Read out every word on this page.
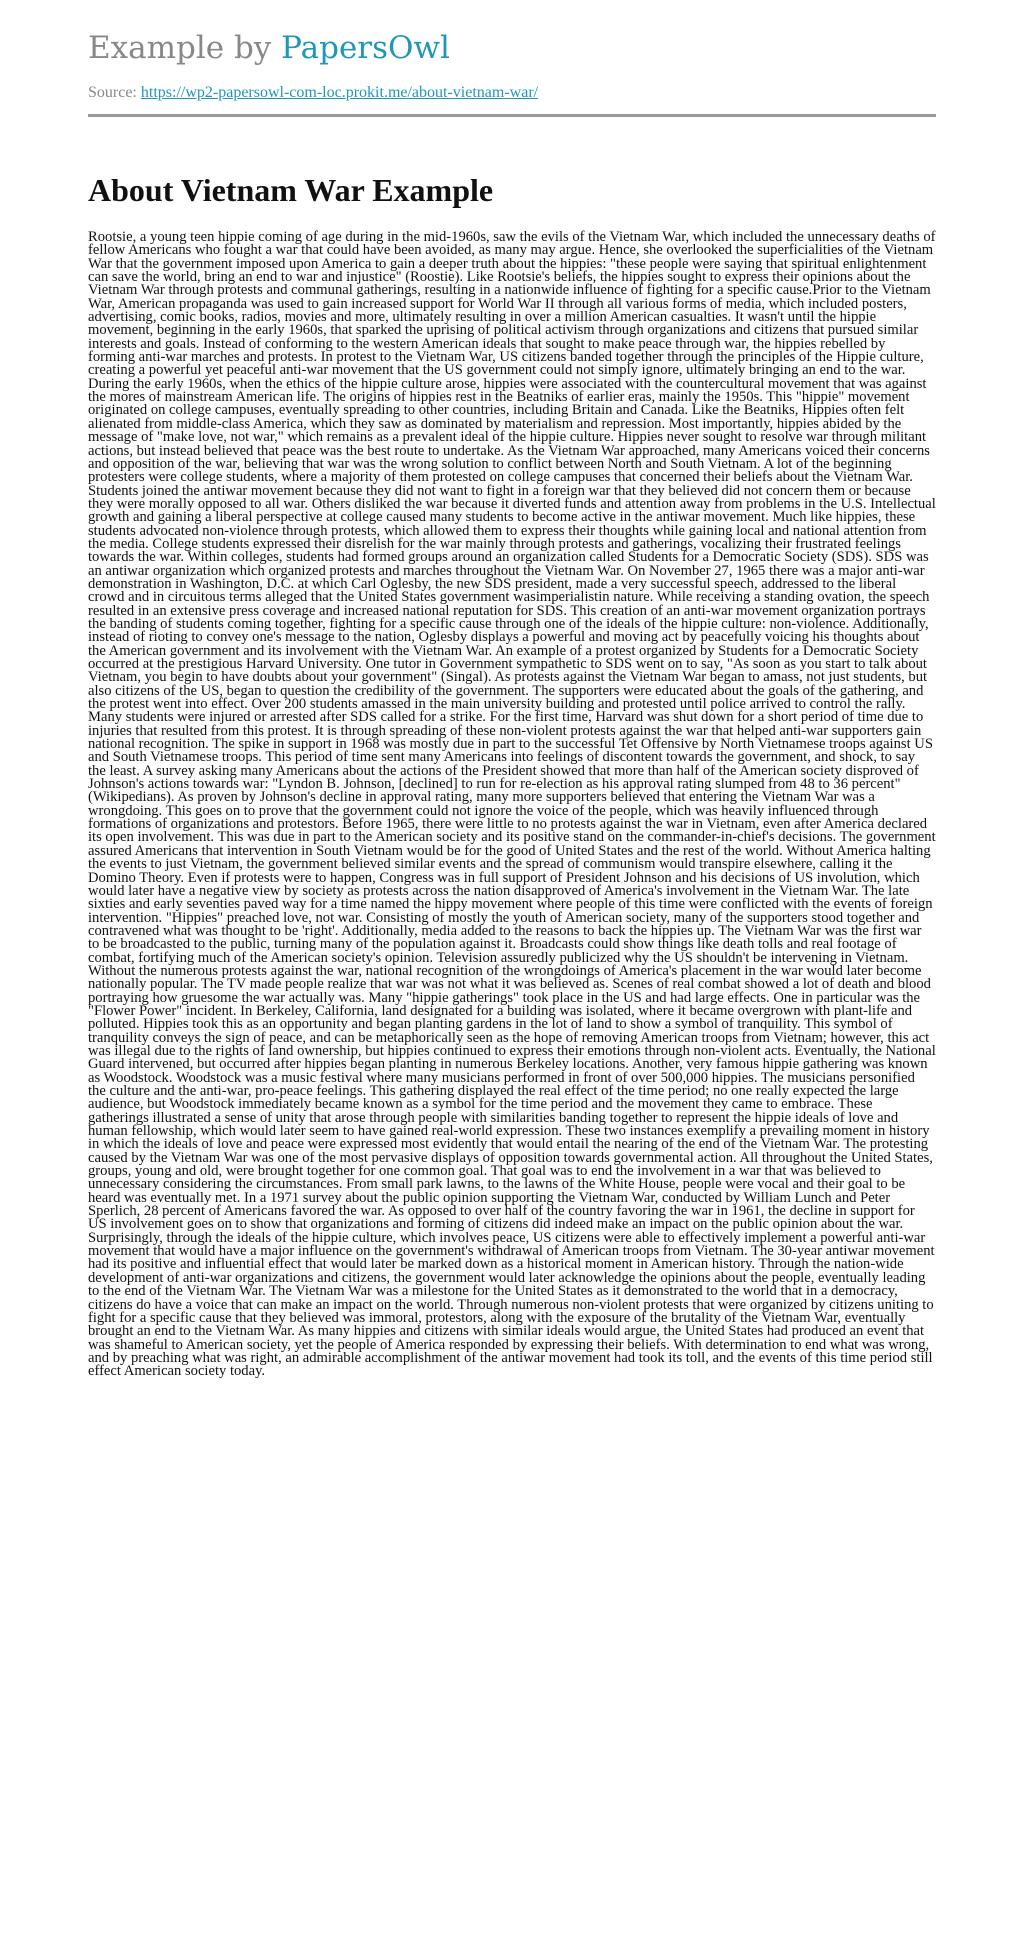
Example by PapersOwl
Source: https://wp2-papersowl-com-loc.prokit.me/about-vietnam-war/
About Vietnam War Example
Rootsie, a young teen hippie coming of age during in the mid-1960s, saw the evils of the Vietnam War, which included the unnecessary deaths of fellow Americans who fought a war that could have been avoided, as many may argue. Hence, she overlooked the superficialities of the Vietnam War that the government imposed upon America to gain a deeper truth about the hippies: "these people were saying that spiritual enlightenment can save the world, bring an end to war and injustice" (Roostie). Like Rootsie's beliefs, the hippies sought to express their opinions about the Vietnam War through protests and communal gatherings, resulting in a nationwide influence of fighting for a specific cause.Prior to the Vietnam War, American propaganda was used to gain increased support for World War II through all various forms of media, which included posters, advertising, comic books, radios, movies and more, ultimately resulting in over a million American casualties. It wasn't until the hippie movement, beginning in the early 1960s, that sparked the uprising of political activism through organizations and citizens that pursued similar interests and goals. Instead of conforming to the western American ideals that sought to make peace through war, the hippies rebelled by forming anti-war marches and protests. In protest to the Vietnam War, US citizens banded together through the principles of the Hippie culture, creating a powerful yet peaceful anti-war movement that the US government could not simply ignore, ultimately bringing an end to the war. During the early 1960s, when the ethics of the hippie culture arose, hippies were associated with the countercultural movement that was against the mores of mainstream American life. The origins of hippies rest in the Beatniks of earlier eras, mainly the 1950s. This "hippie" movement originated on college campuses, eventually spreading to other countries, including Britain and Canada. Like the Beatniks, Hippies often felt alienated from middle-class America, which they saw as dominated by materialism and repression. Most importantly, hippies abided by the message of "make love, not war," which remains as a prevalent ideal of the hippie culture. Hippies never sought to resolve war through militant actions, but instead believed that peace was the best route to undertake. As the Vietnam War approached, many Americans voiced their concerns and opposition of the war, believing that war was the wrong solution to conflict between North and South Vietnam. A lot of the beginning protesters were college students, where a majority of them protested on college campuses that concerned their beliefs about the Vietnam War. Students joined the antiwar movement because they did not want to fight in a foreign war that they believed did not concern them or because they were morally opposed to all war. Others disliked the war because it diverted funds and attention away from problems in the U.S. Intellectual growth and gaining a liberal perspective at college caused many students to become active in the antiwar movement. Much like hippies, these students advocated non-violence through protests, which allowed them to express their thoughts while gaining local and national attention from the media. College students expressed their disrelish for the war mainly through protests and gatherings, vocalizing their frustrated feelings towards the war. Within colleges, students had formed groups around an organization called Students for a Democratic Society (SDS). SDS was an antiwar organization which organized protests and marches throughout the Vietnam War. On November 27, 1965 there was a major anti-war demonstration in Washington, D.C. at which Carl Oglesby, the new SDS president, made a very successful speech, addressed to the liberal crowd and in circuitous terms alleged that the United States government wasimperialistin nature. While receiving a standing ovation, the speech resulted in an extensive press coverage and increased national reputation for SDS. This creation of an anti-war movement organization portrays the banding of students coming together, fighting for a specific cause through one of the ideals of the hippie culture: non-violence. Additionally, instead of rioting to convey one's message to the nation, Oglesby displays a powerful and moving act by peacefully voicing his thoughts about the American government and its involvement with the Vietnam War. An example of a protest organized by Students for a Democratic Society occurred at the prestigious Harvard University. One tutor in Government sympathetic to SDS went on to say, "As soon as you start to talk about Vietnam, you begin to have doubts about your government" (Singal). As protests against the Vietnam War began to amass, not just students, but also citizens of the US, began to question the credibility of the government. The supporters were educated about the goals of the gathering, and the protest went into effect. Over 200 students amassed in the main university building and protested until police arrived to control the rally. Many students were injured or arrested after SDS called for a strike. For the first time, Harvard was shut down for a short period of time due to injuries that resulted from this protest. It is through spreading of these non-violent protests against the war that helped anti-war supporters gain national recognition. The spike in support in 1968 was mostly due in part to the successful Tet Offensive by North Vietnamese troops against US and South Vietnamese troops. This period of time sent many Americans into feelings of discontent towards the government, and shock, to say the least. A survey asking many Americans about the actions of the President showed that more than half of the American society disproved of Johnson's actions towards war: "Lyndon B. Johnson, [declined] to run for re-election as his approval rating slumped from 48 to 36 percent" (Wikipedians). As proven by Johnson's decline in approval rating, many more supporters believed that entering the Vietnam War was a wrongdoing. This goes on to prove that the government could not ignore the voice of the people, which was heavily influenced through formations of organizations and protestors. Before 1965, there were little to no protests against the war in Vietnam, even after America declared its open involvement. This was due in part to the American society and its positive stand on the commander-in-chief's decisions. The government assured Americans that intervention in South Vietnam would be for the good of United States and the rest of the world. Without America halting the events to just Vietnam, the government believed similar events and the spread of communism would transpire elsewhere, calling it the Domino Theory. Even if protests were to happen, Congress was in full support of President Johnson and his decisions of US involution, which would later have a negative view by society as protests across the nation disapproved of America's involvement in the Vietnam War. The late sixties and early seventies paved way for a time named the hippy movement where people of this time were conflicted with the events of foreign intervention. "Hippies" preached love, not war. Consisting of mostly the youth of American society, many of the supporters stood together and contravened what was thought to be 'right'. Additionally, media added to the reasons to back the hippies up. The Vietnam War was the first war to be broadcasted to the public, turning many of the population against it. Broadcasts could show things like death tolls and real footage of combat, fortifying much of the American society's opinion. Television assuredly publicized why the US shouldn't be intervening in Vietnam. Without the numerous protests against the war, national recognition of the wrongdoings of America's placement in the war would later become nationally popular. The TV made people realize that war was not what it was believed as. Scenes of real combat showed a lot of death and blood portraying how gruesome the war actually was. Many "hippie gatherings" took place in the US and had large effects. One in particular was the "Flower Power" incident. In Berkeley, California, land designated for a building was isolated, where it became overgrown with plant-life and polluted. Hippies took this as an opportunity and began planting gardens in the lot of land to show a symbol of tranquility. This symbol of tranquility conveys the sign of peace, and can be metaphorically seen as the hope of removing American troops from Vietnam; however, this act was illegal due to the rights of land ownership, but hippies continued to express their emotions through non-violent acts. Eventually, the National Guard intervened, but occurred after hippies began planting in numerous Berkeley locations. Another, very famous hippie gathering was known as Woodstock. Woodstock was a music festival where many musicians performed in front of over 500,000 hippies. The musicians personified the culture and the anti-war, pro-peace feelings. This gathering displayed the real effect of the time period; no one really expected the large audience, but Woodstock immediately became known as a symbol for the time period and the movement they came to embrace. These gatherings illustrated a sense of unity that arose through people with similarities banding together to represent the hippie ideals of love and human fellowship, which would later seem to have gained real-world expression. These two instances exemplify a prevailing moment in history in which the ideals of love and peace were expressed most evidently that would entail the nearing of the end of the Vietnam War. The protesting caused by the Vietnam War was one of the most pervasive displays of opposition towards governmental action. All throughout the United States, groups, young and old, were brought together for one common goal. That goal was to end the involvement in a war that was believed to unnecessary considering the circumstances. From small park lawns, to the lawns of the White House, people were vocal and their goal to be heard was eventually met. In a 1971 survey about the public opinion supporting the Vietnam War, conducted by William Lunch and Peter Sperlich, 28 percent of Americans favored the war. As opposed to over half of the country favoring the war in 1961, the decline in support for US involvement goes on to show that organizations and forming of citizens did indeed make an impact on the public opinion about the war. Surprisingly, through the ideals of the hippie culture, which involves peace, US citizens were able to effectively implement a powerful anti-war movement that would have a major influence on the government's withdrawal of American troops from Vietnam. The 30-year antiwar movement had its positive and influential effect that would later be marked down as a historical moment in American history. Through the nation-wide development of anti-war organizations and citizens, the government would later acknowledge the opinions about the people, eventually leading to the end of the Vietnam War. The Vietnam War was a milestone for the United States as it demonstrated to the world that in a democracy, citizens do have a voice that can make an impact on the world. Through numerous non-violent protests that were organized by citizens uniting to fight for a specific cause that they believed was immoral, protestors, along with the exposure of the brutality of the Vietnam War, eventually brought an end to the Vietnam War. As many hippies and citizens with similar ideals would argue, the United States had produced an event that was shameful to American society, yet the people of America responded by expressing their beliefs. With determination to end what was wrong, and by preaching what was right, an admirable accomplishment of the antiwar movement had took its toll, and the events of this time period still effect American society today.
